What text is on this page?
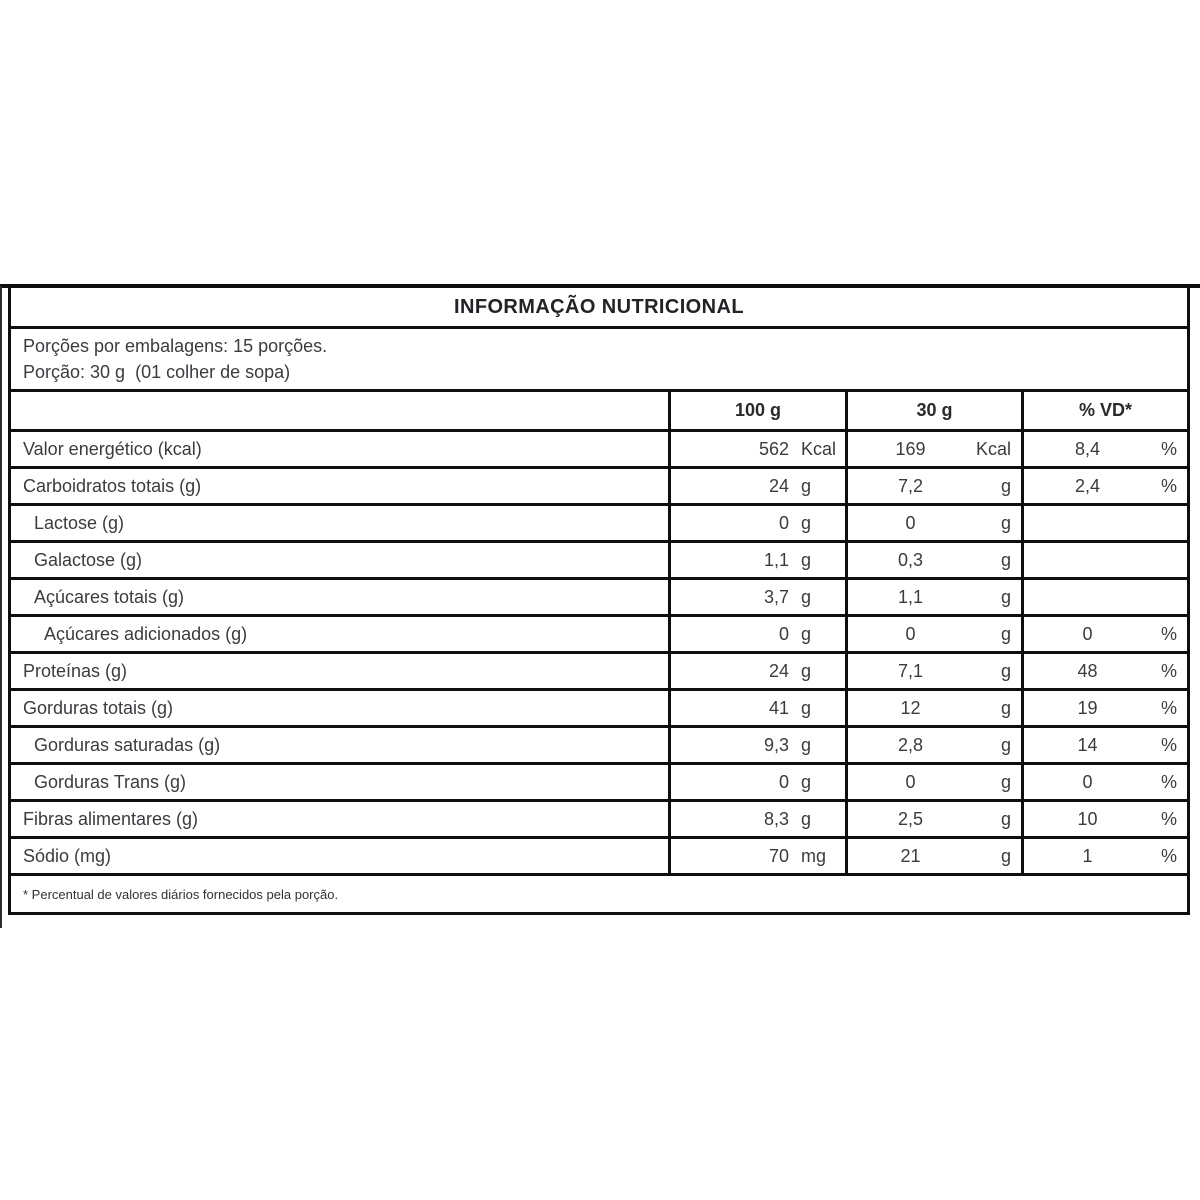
INFORMAÇÃO NUTRICIONAL
Porções por embalagens: 15 porções.
Porção: 30 g  (01 colher de sopa)
100 g	30 g	% VD*
Valor energético (kcal)	562 Kcal	169	Kcal	8,4	%
Carboidratos totais (g)	24 g	7,2	g	2,4	%
Lactose (g)	0 g	0	g
Galactose (g)	1,1 g	0,3	g
Açúcares totais (g)	3,7 g	1,1	g
Açúcares adicionados (g)	0 g	0	g	0	%
Proteínas (g)	24 g	7,1	g	48	%
Gorduras totais (g)	41 g	12	g	19	%
Gorduras saturadas (g)	9,3 g	2,8	g	14	%
Gorduras Trans (g)	0 g	0	g	0	%
Fibras alimentares (g)	8,3 g	2,5	g	10	%
Sódio (mg)	70 mg	21	g	1	%
* Percentual de valores diários fornecidos pela porção.
